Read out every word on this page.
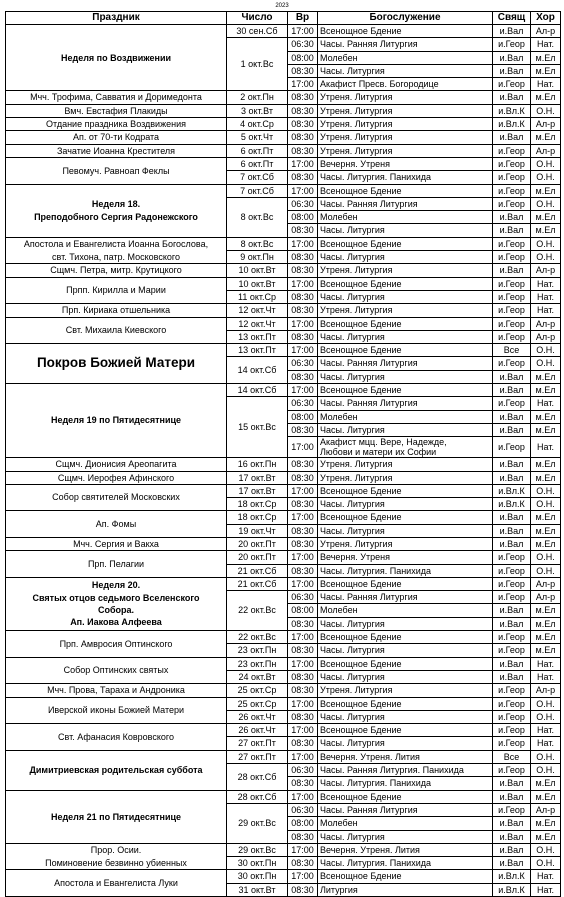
2023
Праздник	Число	Вр	Богослужение	Свящ	Хор
Неделя по Воздвижении	30 сен.Сб	17:00	Всенощное Бдение	и.Вал	Ал-р
	1 окт.Вс	06:30	Часы. Ранняя Литургия	и.Геор	Нат.
		08:00	Молебен	и.Вал	м.Ел
		08:30	Часы. Литургия	и.Вал	м.Ел
		17:00	Акафист Пресв. Богородице	и.Геор	Нат.
Мчч. Трофима, Савватия и Доримедонта	2 окт.Пн	08:30	Утреня. Литургия	и.Вал	м.Ел
Вмч. Евстафия Плакиды	3 окт.Вт	08:30	Утреня. Литургия	и.Вл.К	О.Н.
Отдание праздника Воздвижения	4 окт.Ср	08:30	Утреня. Литургия	и.Вл.К	Ал-р
Ап. от 70-ти Кодрата	5 окт.Чт	08:30	Утреня. Литургия	и.Вал	м.Ел
Зачатие Иоанна Крестителя	6 окт.Пт	08:30	Утреня. Литургия	и.Геор	Ал-р
Певомуч. Равноап Феклы	6 окт.Пт	17:00	Вечерня. Утреня	и.Геор	О.Н.
	7 окт.Сб	08:30	Часы. Литургия. Панихида	и.Геор	О.Н.
Неделя 18.
Преподобного Сергия Радонежского	7 окт.Сб	17:00	Всенощное Бдение	и.Геор	м.Ел
	8 окт.Вс	06:30	Часы. Ранняя Литургия	и.Геор	О.Н.
		08:00	Молебен	и.Вал	м.Ел
		08:30	Часы. Литургия	и.Вал	м.Ел
Апостола и Евангелиста Иоанна Богослова,
свт. Тихона, патр. Московского	8 окт.Вс	17:00	Всенощное Бдение	и.Геор	О.Н.
	9 окт.Пн	08:30	Часы. Литургия	и.Геор	О.Н.
Сщмч. Петра, митр. Крутицкого	10 окт.Вт	08:30	Утреня. Литургия	и.Вал	Ал-р
Прпп. Кирилла и Марии	10 окт.Вт	17:00	Всенощное Бдение	и.Геор	Нат.
	11 окт.Ср	08:30	Часы. Литургия	и.Геор	Нат.
Прп. Кириака отшельника	12 окт.Чт	08:30	Утреня. Литургия	и.Геор	Нат.
Свт. Михаила Киевского	12 окт.Чт	17:00	Всенощное Бдение	и.Геор	Ал-р
	13 окт.Пт	08:30	Часы. Литургия	и.Геор	Ал-р
Покров Божией Матери	13 окт.Пт	17:00	Всенощное Бдение	Все	О.Н.
	14 окт.Сб	06:30	Часы. Ранняя Литургия	и.Геор	О.Н.
		08:30	Часы. Литургия	и.Вал	м.Ел
Неделя 19 по Пятидесятнице	14 окт.Сб	17:00	Всенощное Бдение	и.Вал	м.Ел
	15 окт.Вс	06:30	Часы. Ранняя Литургия	и.Геор	Нат.
		08:00	Молебен	и.Вал	м.Ел
		08:30	Часы. Литургия	и.Вал	м.Ел
		17:00	Акафист мцц. Вере, Надежде,
Любови и матери их Софии	и.Геор	Нат.
Сщмч. Дионисия Ареопагита	16 окт.Пн	08:30	Утреня. Литургия	и.Вал	м.Ел
Сщмч. Иерофея Афинского	17 окт.Вт	08:30	Утреня. Литургия	и.Вал	м.Ел
Собор святителей Московских	17 окт.Вт	17:00	Всенощное Бдение	и.Вл.К	О.Н.
	18 окт.Ср	08:30	Часы. Литургия	и.Вл.К	О.Н.
Ап. Фомы	18 окт.Ср	17:00	Всенощное Бдение	и.Вал	м.Ел
	19 окт.Чт	08:30	Часы. Литургия	и.Вал	м.Ел
Мчч. Сергия и Вакха	20 окт.Пт	08:30	Утреня. Литургия	и.Вал	м.Ел
Прп. Пелагии	20 окт.Пт	17:00	Вечерня. Утреня	и.Геор	О.Н.
	21 окт.Сб	08:30	Часы. Литургия. Панихида	и.Геор	О.Н.
Неделя 20.
Святых отцов седьмого Вселенского
Собора.
Ап. Иакова Алфеева	21 окт.Сб	17:00	Всенощное Бдение	и.Геор	Ал-р
	22 окт.Вс	06:30	Часы. Ранняя Литургия	и.Геор	Ал-р
		08:00	Молебен	и.Вал	м.Ел
		08:30	Часы. Литургия	и.Вал	м.Ел
Прп. Амвросия Оптинского	22 окт.Вс	17:00	Всенощное Бдение	и.Геор	м.Ел
	23 окт.Пн	08:30	Часы. Литургия	и.Геор	м.Ел
Собор Оптинских святых	23 окт.Пн	17:00	Всенощное Бдение	и.Вал	Нат.
	24 окт.Вт	08:30	Часы. Литургия	и.Вал	Нат.
Мчч. Прова, Тараха и Андроника	25 окт.Ср	08:30	Утреня. Литургия	и.Геор	Ал-р
Иверской иконы Божией Матери	25 окт.Ср	17:00	Всенощное Бдение	и.Геор	О.Н.
	26 окт.Чт	08:30	Часы. Литургия	и.Геор	О.Н.
Свт. Афанасия Ковровского	26 окт.Чт	17:00	Всенощное Бдение	и.Геор	Нат.
	27 окт.Пт	08:30	Часы. Литургия	и.Геор	Нат.
Димитриевская родительская суббота	27 окт.Пт	17:00	Вечерня. Утреня. Лития	Все	О.Н.
	28 окт.Сб	06:30	Часы. Ранняя Литургия. Панихида	и.Геор	О.Н.
		08:30	Часы. Литургия. Панихида	и.Вал	м.Ел
Неделя 21 по Пятидесятнице	28 окт.Сб	17:00	Всенощное Бдение	и.Вал	м.Ел
	29 окт.Вс	06:30	Часы. Ранняя Литургия	и.Геор	Ал-р
		08:00	Молебен	и.Вал	м.Ел
		08:30	Часы. Литургия	и.Вал	м.Ел
Прор. Осии.
Поминовение безвинно убиенных	29 окт.Вс	17:00	Вечерня. Утреня. Лития	и.Вал	О.Н.
	30 окт.Пн	08:30	Часы. Литургия. Панихида	и.Вал	О.Н.
Апостола и Евангелиста Луки	30 окт.Пн	17:00	Всенощное Бдение	и.Вл.К	Нат.
	31 окт.Вт	08:30	Литургия	и.Вл.К	Нат.
